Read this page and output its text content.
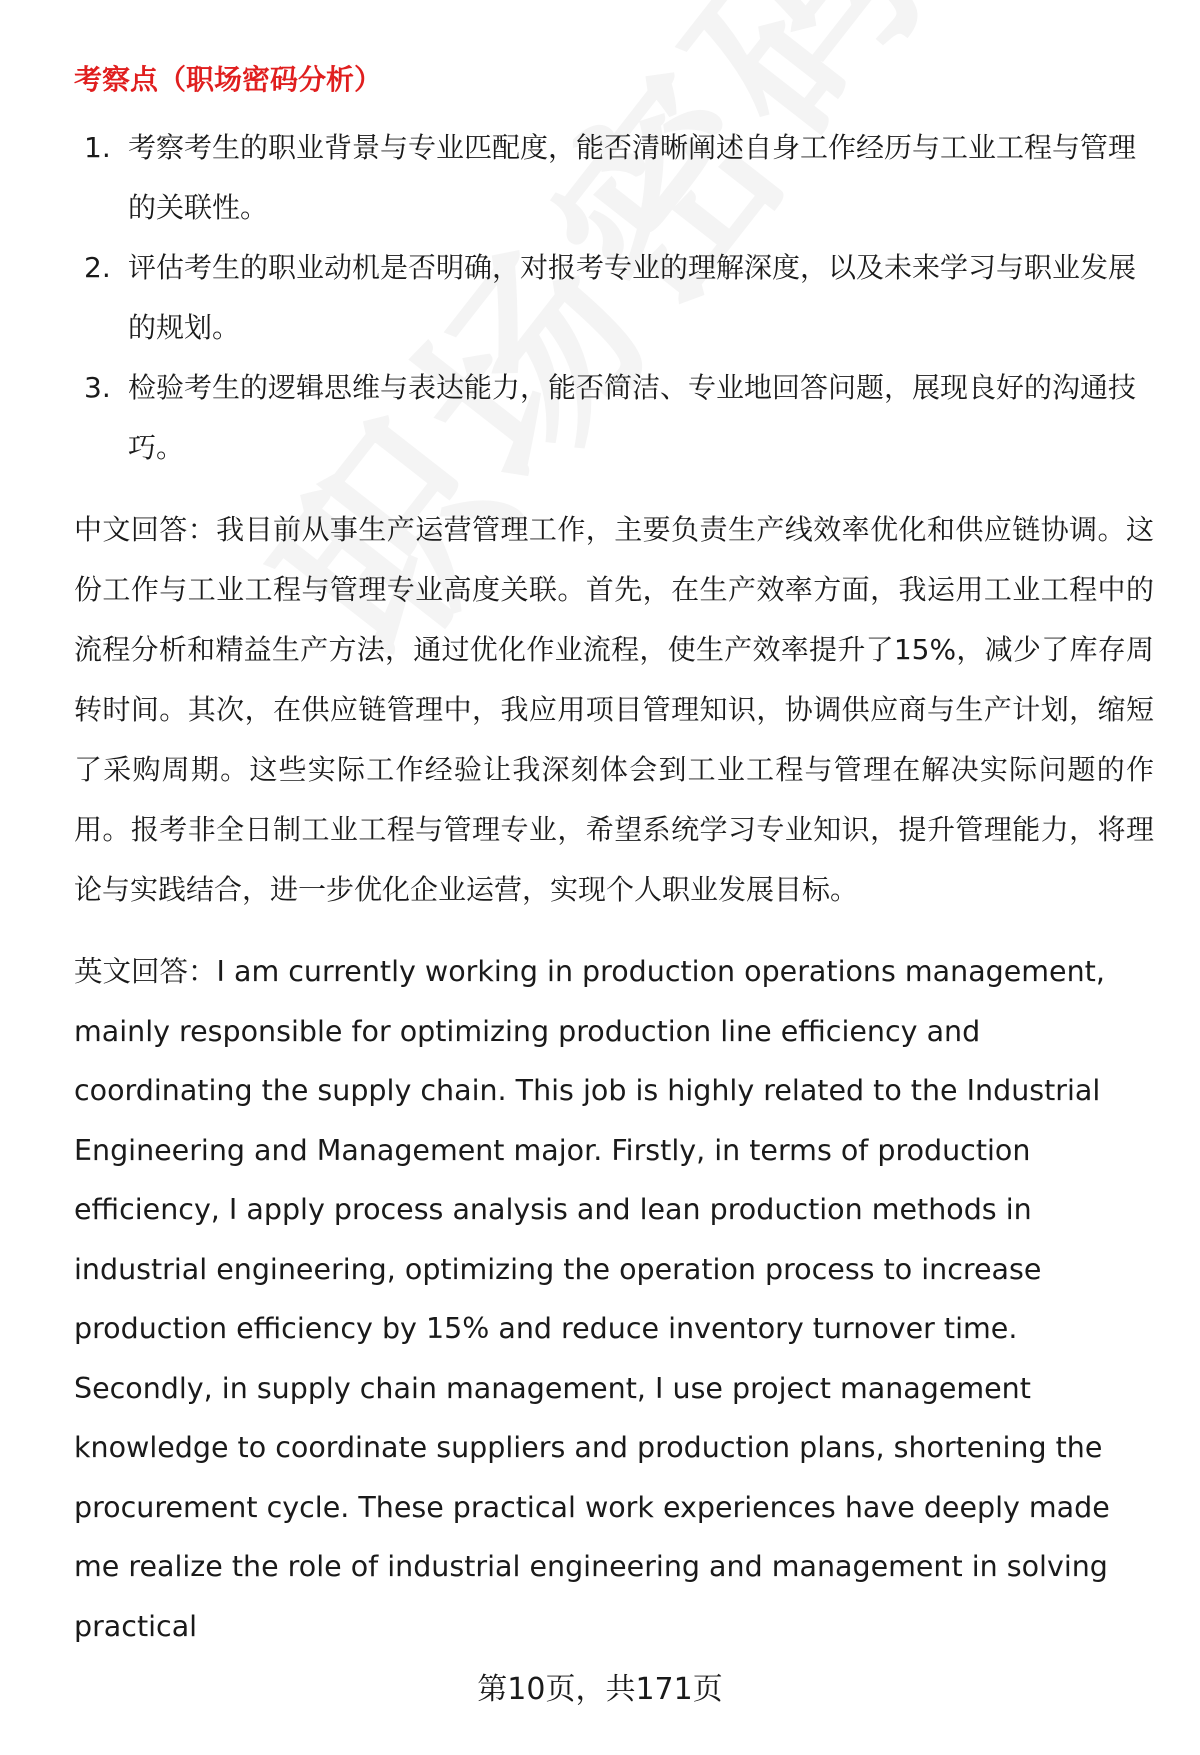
考察点（职场密码分析）
1. 考察考生的职业背景与专业匹配度，能否清晰阐述自身工作经历与工业工程与管理的关联性。
2. 评估考生的职业动机是否明确，对报考专业的理解深度，以及未来学习与职业发展的规划。
3. 检验考生的逻辑思维与表达能力，能否简洁、专业地回答问题，展现良好的沟通技巧。

中文回答：我目前从事生产运营管理工作，主要负责生产线效率优化和供应链协调。这份工作与工业工程与管理专业高度关联。首先，在生产效率方面，我运用工业工程中的流程分析和精益生产方法，通过优化作业流程，使生产效率提升了15%，减少了库存周转时间。其次，在供应链管理中，我应用项目管理知识，协调供应商与生产计划，缩短了采购周期。这些实际工作经验让我深刻体会到工业工程与管理在解决实际问题的作用。报考非全日制工业工程与管理专业，希望系统学习专业知识，提升管理能力，将理论与实践结合，进一步优化企业运营，实现个人职业发展目标。

英文回答：I am currently working in production operations management, mainly responsible for optimizing production line efficiency and coordinating the supply chain. This job is highly related to the Industrial Engineering and Management major. Firstly, in terms of production efficiency, I apply process analysis and lean production methods in industrial engineering, optimizing the operation process to increase production efficiency by 15% and reduce inventory turnover time. Secondly, in supply chain management, I use project management knowledge to coordinate suppliers and production plans, shortening the procurement cycle. These practical work experiences have deeply made me realize the role of industrial engineering and management in solving practical

第10页，共171页
